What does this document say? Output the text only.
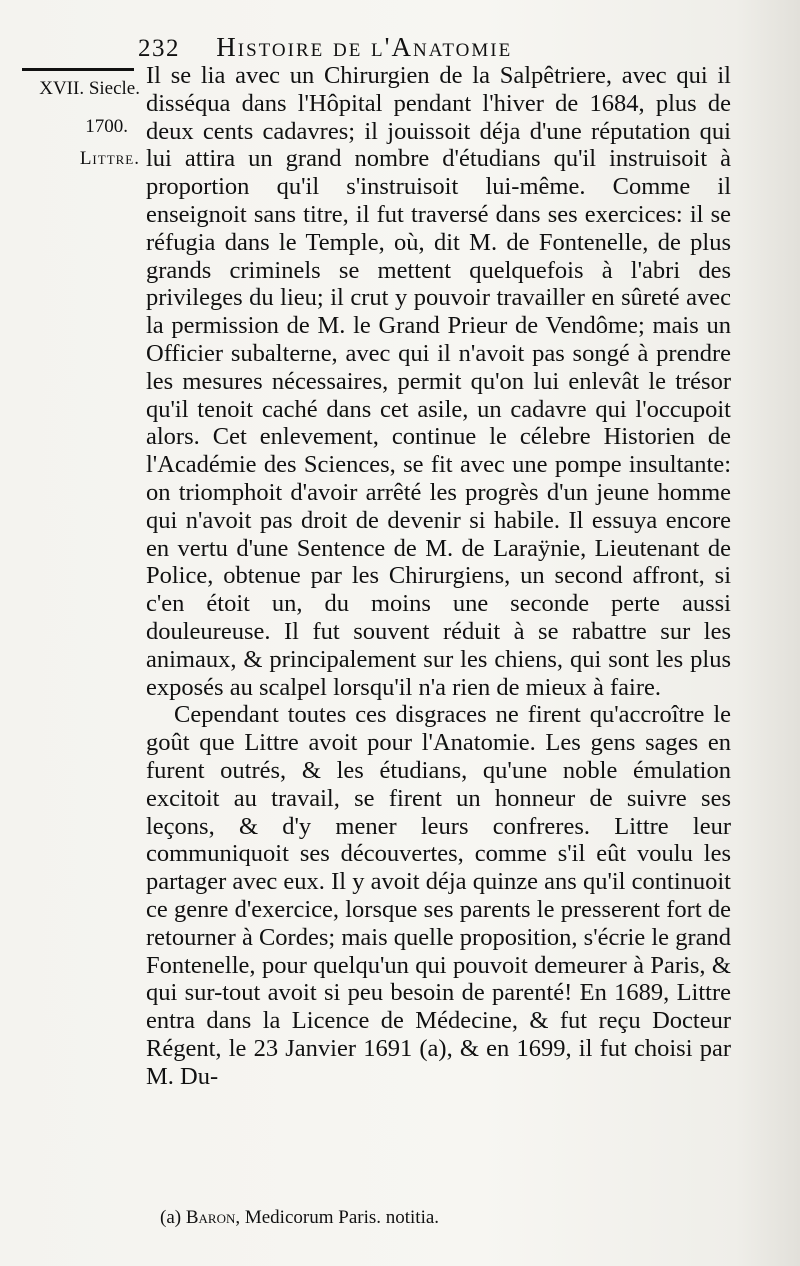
232 Histoire de l'Anatomie
XVII. Siecle.
1700.
Littre.

Il se lia avec un Chirurgien de la Salpêtriere, avec qui il disséqua dans l'Hôpital pendant l'hiver de 1684, plus de deux cents cadavres; il jouissoit déja d'une réputation qui lui attira un grand nombre d'étudians qu'il instruisoit à proportion qu'il s'instruisoit lui-même. Comme il enseignoit sans titre, il fut traversé dans ses exercices: il se réfugia dans le Temple, où, dit M. de Fontenelle, de plus grands criminels se mettent quelquefois à l'abri des privileges du lieu; il crut y pouvoir travailler en sûreté avec la permission de M. le Grand Prieur de Vendôme; mais un Officier subalterne, avec qui il n'avoit pas songé à prendre les mesures nécessaires, permit qu'on lui enlevât le trésor qu'il tenoit caché dans cet asile, un cadavre qui l'occupoit alors. Cet enlevement, continue le célebre Historien de l'Académie des Sciences, se fit avec une pompe insultante: on triomphoit d'avoir arrêté les progrès d'un jeune homme qui n'avoit pas droit de devenir si habile. Il essuya encore en vertu d'une Sentence de M. de Laraÿnie, Lieutenant de Police, obtenue par les Chirurgiens, un second affront, si c'en étoit un, du moins une seconde perte aussi douleureuse. Il fut souvent réduit à se rabattre sur les animaux, & principalement sur les chiens, qui sont les plus exposés au scalpel lorsqu'il n'a rien de mieux à faire.

Cependant toutes ces disgraces ne firent qu'accroître le goût que Littre avoit pour l'Anatomie. Les gens sages en furent outrés, & les étudians, qu'une noble émulation excitoit au travail, se firent un honneur de suivre ses leçons, & d'y mener leurs confreres. Littre leur communiquoit ses découvertes, comme s'il eût voulu les partager avec eux. Il y avoit déja quinze ans qu'il continuoit ce genre d'exercice, lorsque ses parents le presserent fort de retourner à Cordes; mais quelle proposition, s'écrie le grand Fontenelle, pour quelqu'un qui pouvoit demeurer à Paris, & qui sur-tout avoit si peu besoin de parenté! En 1689, Littre entra dans la Licence de Médecine, & fut reçu Docteur Régent, le 23 Janvier 1691 (a), & en 1699, il fut choisi par M. Du-

(a) Baron, Medicorum Paris. notitia.
